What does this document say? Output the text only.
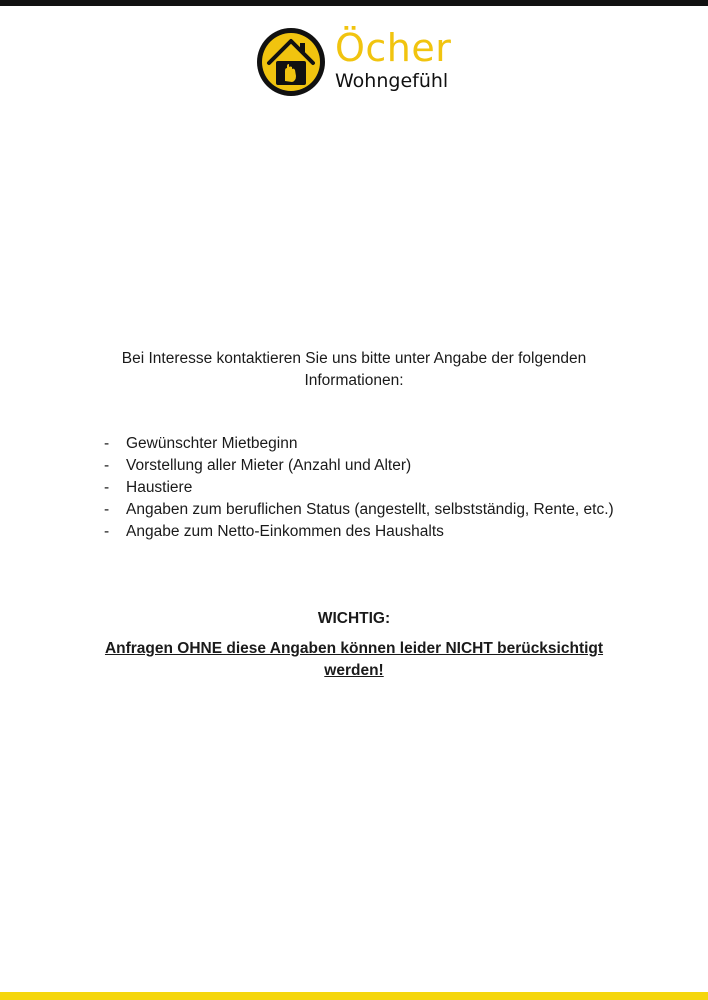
Öcher
Wohngefühl
Bei Interesse kontaktieren Sie uns bitte unter Angabe der folgenden Informationen:
- Gewünschter Mietbeginn
- Vorstellung aller Mieter (Anzahl und Alter)
- Haustiere
- Angaben zum beruflichen Status (angestellt, selbstständig, Rente, etc.)
- Angabe zum Netto-Einkommen des Haushalts
WICHTIG:
Anfragen OHNE diese Angaben können leider NICHT berücksichtigt werden!
